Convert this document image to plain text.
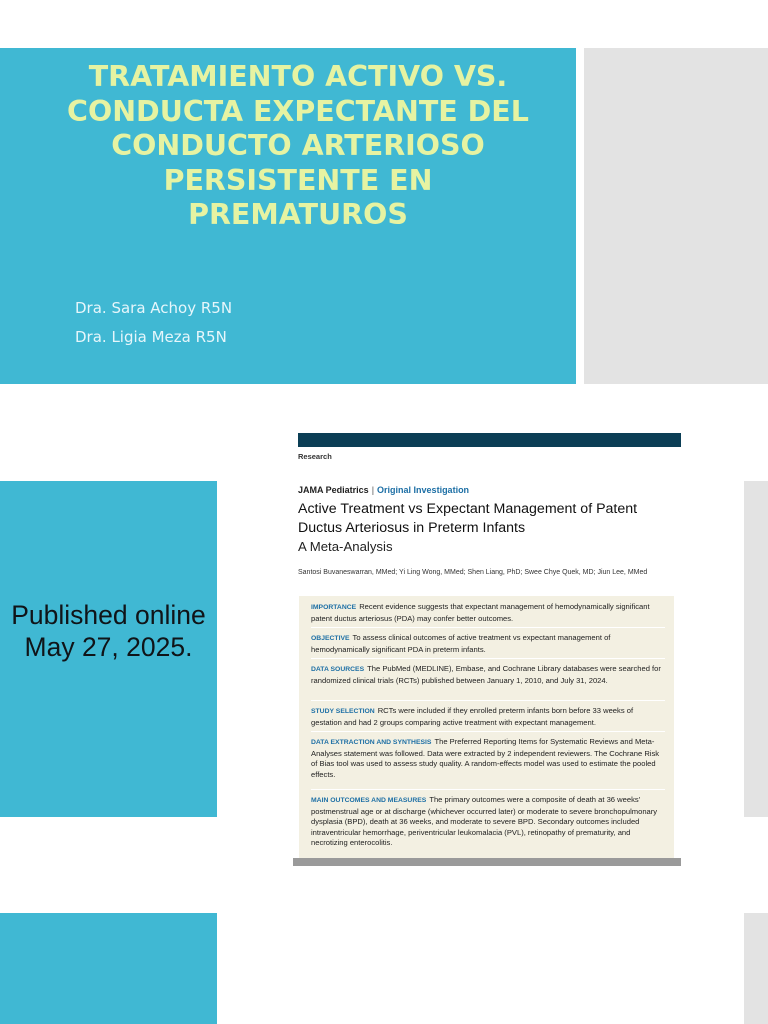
TRATAMIENTO ACTIVO VS. CONDUCTA EXPECTANTE DEL CONDUCTO ARTERIOSO PERSISTENTE EN PREMATUROS
Dra. Sara Achoy R5N
Dra. Ligia Meza R5N
Published online May 27, 2025.
Research
JAMA Pediatrics | Original Investigation
Active Treatment vs Expectant Management of Patent Ductus Arteriosus in Preterm Infants
A Meta-Analysis
Santosi Buvaneswarran, MMed; Yi Ling Wong, MMed; Shen Liang, PhD; Swee Chye Quek, MD; Jiun Lee, MMed
IMPORTANCE Recent evidence suggests that expectant management of hemodynamically significant patent ductus arteriosus (PDA) may confer better outcomes.
OBJECTIVE To assess clinical outcomes of active treatment vs expectant management of hemodynamically significant PDA in preterm infants.
DATA SOURCES The PubMed (MEDLINE), Embase, and Cochrane Library databases were searched for randomized clinical trials (RCTs) published between January 1, 2010, and July 31, 2024.
STUDY SELECTION RCTs were included if they enrolled preterm infants born before 33 weeks of gestation and had 2 groups comparing active treatment with expectant management.
DATA EXTRACTION AND SYNTHESIS The Preferred Reporting Items for Systematic Reviews and Meta-Analyses statement was followed. Data were extracted by 2 independent reviewers. The Cochrane Risk of Bias tool was used to assess study quality. A random-effects model was used to estimate the pooled effects.
MAIN OUTCOMES AND MEASURES The primary outcomes were a composite of death at 36 weeks' postmenstrual age or at discharge (whichever occurred later) or moderate to severe bronchopulmonary dysplasia (BPD), death at 36 weeks, and moderate to severe BPD. Secondary outcomes included intraventricular hemorrhage, periventricular leukomalacia (PVL), retinopathy of prematurity, and necrotizing enterocolitis.
